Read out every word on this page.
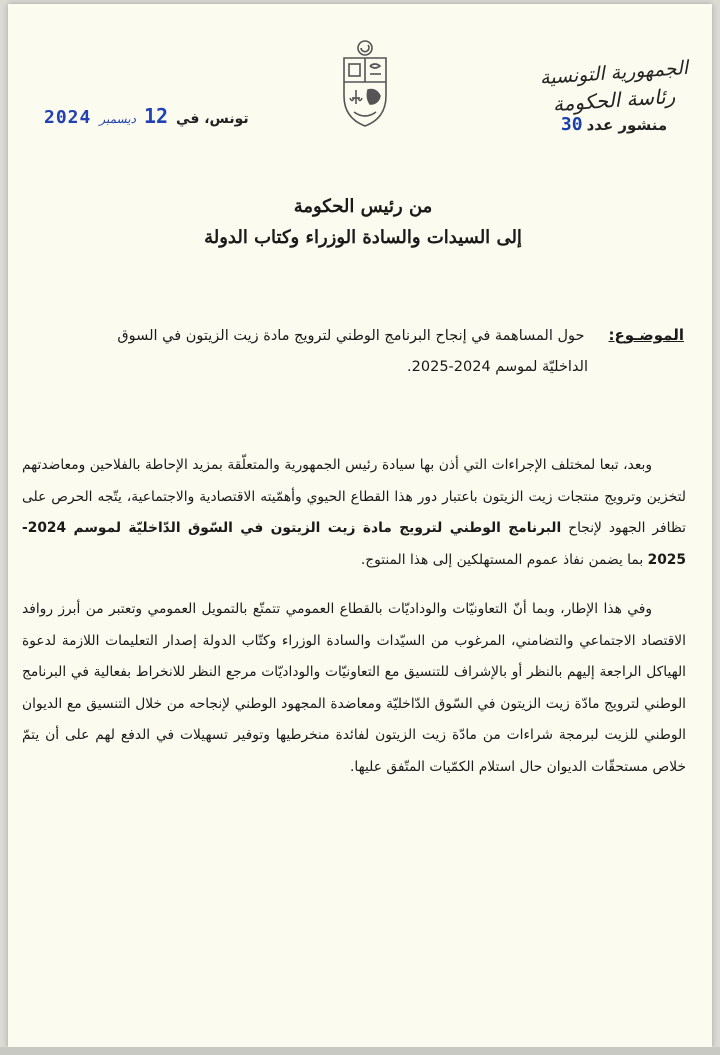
الجمهورية التونسية
رئاسة الحكومة
منشور عدد
30
2024 ديسمبر 12 تونس، في
من رئيس الحكومة
إلى السيدات والسادة الوزراء وكتاب الدولة
الموضـوع:حول المساهمة في إنجاح البرنامج الوطني لترويج مادة زيت الزيتون في السوق
الداخليّة لموسم 2024-2025.

وبعد، تبعا لمختلف الإجراءات التي أذن بها سيادة رئيس الجمهورية والمتعلّقة بمزيد الإحاطة بالفلاحين ومعاضدتهم لتخزين وترويج منتجات زيت الزيتون باعتبار دور هذا القطاع الحيوي وأهمّيته الاقتصادية والاجتماعية، يتّجه الحرص على تظافر الجهود لإنجاح البرنامج الوطني لترويج مادة زيت الزيتون في السّوق الدّاخليّة لموسم 2024-2025 بما يضمن نفاذ عموم المستهلكين إلى هذا المنتوج.

وفي هذا الإطار، وبما أنّ التعاونيّات والوداديّات بالقطاع العمومي تتمتّع بالتمويل العمومي وتعتبر من أبرز روافد الاقتصاد الاجتماعي والتضامني، المرغوب من السيّدات والسادة الوزراء وكتّاب الدولة إصدار التعليمات اللازمة لدعوة الهياكل الراجعة إليهم بالنظر أو بالإشراف للتنسيق مع التعاونيّات والوداديّات مرجع النظر للانخراط بفعالية في البرنامج الوطني لترويج مادّة زيت الزيتون في السّوق الدّاخليّة ومعاضدة المجهود الوطني لإنجاحه من خلال التنسيق مع الديوان الوطني للزيت لبرمجة شراءات من مادّة زيت الزيتون لفائدة منخرطيها وتوفير تسهيلات في الدفع لهم على أن يتمّ خلاص مستحقّات الديوان حال استلام الكمّيات المتّفق عليها.
